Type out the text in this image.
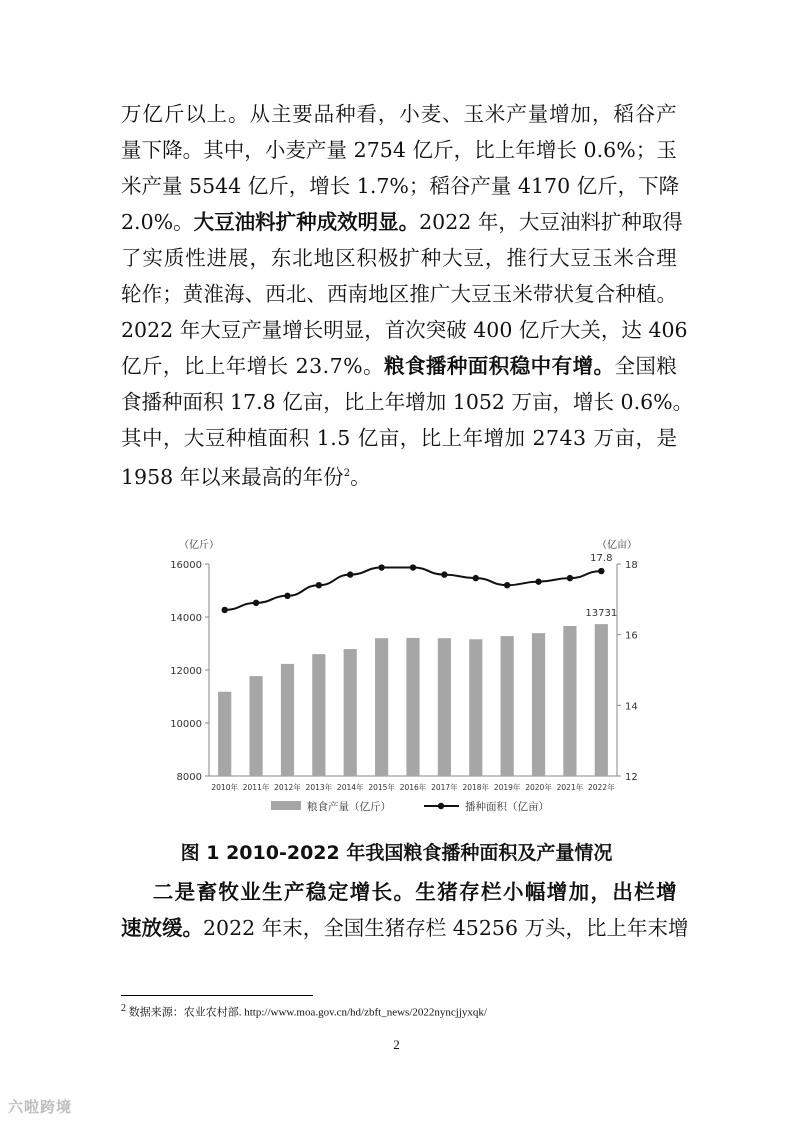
万 亿 斤 以 上 。 从 主 要 品 种 看 ， 小 麦 、 玉 米 产 量 增 加 ， 稻 谷 产
量 下 降 。 其 中 ， 小 麦 产 量
2 7 5 4
亿 斤 ， 比 上 年 增 长
0 . 6 % ； 玉
米 产 量
5 5 4 4
亿 斤 ， 增 长
1 . 7 % ； 稻 谷 产 量
4 1 7 0
亿 斤 ， 下 降
2 . 0 % 。 大 豆 油 料 扩 种 成 效 明 显 。 2 0 2 2
年 ， 大 豆 油 料 扩 种 取 得
了 实 质 性 进 展 ， 东 北 地 区 积 极 扩 种 大 豆 ， 推 行 大 豆 玉 米 合 理
轮 作 ； 黄 淮 海 、 西 北 、 西 南 地 区 推 广 大 豆 玉 米 带 状 复 合 种 植 。
2 0 2 2
年 大 豆 产 量 增 长 明 显 ， 首 次 突 破
4 0 0
亿 斤 大 关 ， 达
4 0 6
亿 斤 ， 比 上 年 增 长
2 3 . 7 % 。 粮 食 播 种 面 积 稳 中 有 增 。 全 国 粮
食 播 种 面 积
1 7 . 8
亿 亩 ， 比 上 年 增 加
1 0 5 2
万 亩 ， 增 长
0 . 6 % 。
其 中 ， 大 豆 种 植 面 积
1 . 5
亿 亩 ， 比 上 年 增 加
2 7 4 3
万 亩 ， 是
1958 年以来最高的年份$^2$。
8000
10000
12000
14000
16000
12
14
16
18
（亿斤）	（亿亩）
2010年 2011年 2012年 2013年 2014年 2015年 2016年 2017年 2018年 2019年 2020年 2021年 2022年
13731
17.8
粮食产量（亿斤）	播种面积（亿亩）
图 1 2010-2022 年我国粮食播种面积及产量情况

二 是 畜 牧 业 生 产 稳 定 增 长 。 生 猪 存 栏 小 幅 增 加 ， 出 栏 增
速 放 缓 。 2 0 2 2
年 末 ， 全 国 生 猪 存 栏
4 5 2 5 6
万 头 ， 比 上 年 末 增
$^2$ 数据来源：农业农村部. http://www.moa.gov.cn/hd/zbft_news/2022nyncjjyxqk/
2
六啦跨境
